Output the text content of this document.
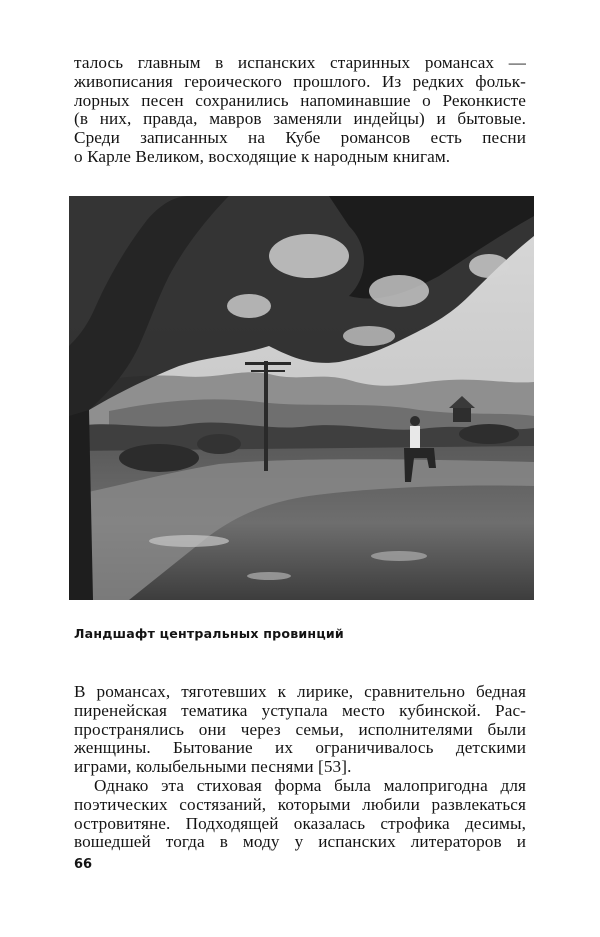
талось главным в испанских старинных романсах —
живописания героического прошлого. Из редких фольк-
лорных песен сохранились напоминавшие о Реконкисте
(в них, правда, мавров заменяли индейцы) и бытовые.
Среди записанных на Кубе романсов есть песни
о Карле Великом, восходящие к народным книгам.
Ландшафт центральных провинций
В романсах, тяготевших к лирике, сравнительно бедная
пиренейская тематика уступала место кубинской. Рас-
пространялись они через семьи, исполнителями были
женщины. Бытование их ограничивалось детскими
играми, колыбельными песнями [53].
Однако эта стиховая форма была малопригодна для
поэтических состязаний, которыми любили развлекаться
островитяне. Подходящей оказалась строфика десимы,
вошедшей тогда в моду у испанских литераторов и
66
